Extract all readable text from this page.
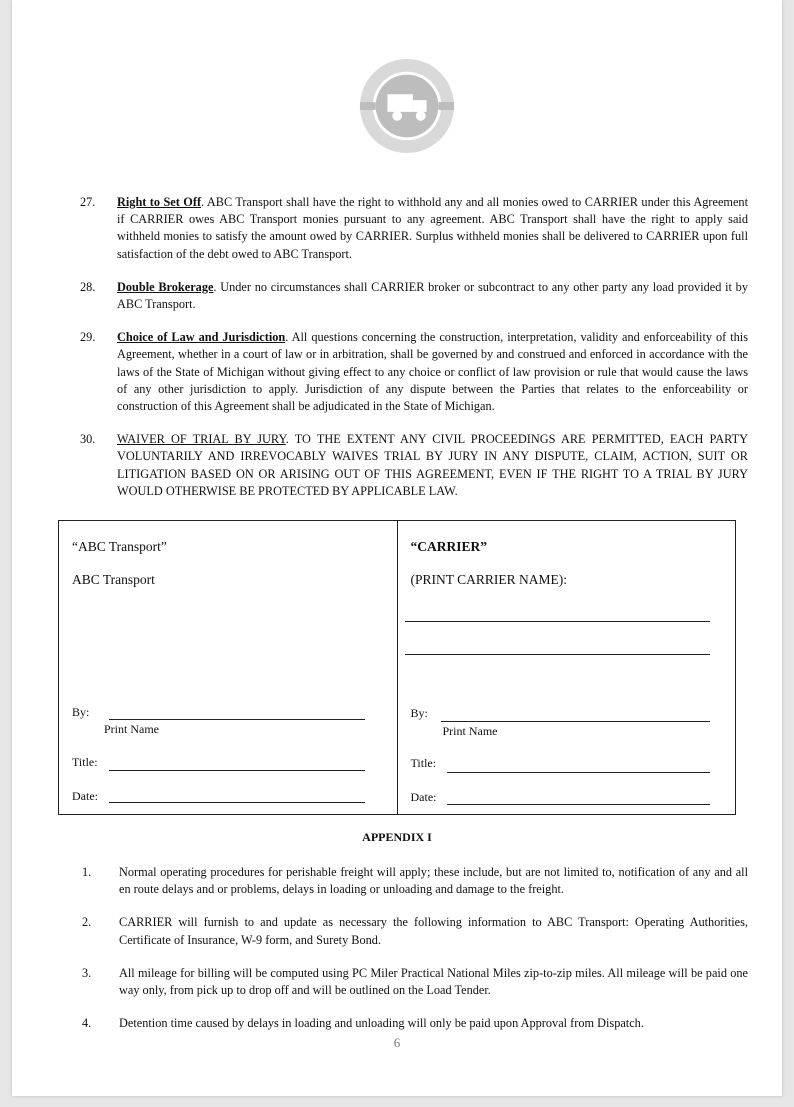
27.	Right to Set Off. ABC Transport shall have the right to withhold any and all monies owed to CARRIER under this Agreement if CARRIER owes ABC Transport monies pursuant to any agreement. ABC Transport shall have the right to apply said withheld monies to satisfy the amount owed by CARRIER. Surplus withheld monies shall be delivered to CARRIER upon full satisfaction of the debt owed to ABC Transport.
28.	Double Brokerage. Under no circumstances shall CARRIER broker or subcontract to any other party any load provided it by ABC Transport.
29.	Choice of Law and Jurisdiction. All questions concerning the construction, interpretation, validity and enforceability of this Agreement, whether in a court of law or in arbitration, shall be governed by and construed and enforced in accordance with the laws of the State of Michigan without giving effect to any choice or conflict of law provision or rule that would cause the laws of any other jurisdiction to apply. Jurisdiction of any dispute between the Parties that relates to the enforceability or construction of this Agreement shall be adjudicated in the State of Michigan.
30.	WAIVER OF TRIAL BY JURY. TO THE EXTENT ANY CIVIL PROCEEDINGS ARE PERMITTED, EACH PARTY VOLUNTARILY AND IRREVOCABLY WAIVES TRIAL BY JURY IN ANY DISPUTE, CLAIM, ACTION, SUIT OR LITIGATION BASED ON OR ARISING OUT OF THIS AGREEMENT, EVEN IF THE RIGHT TO A TRIAL BY JURY WOULD OTHERWISE BE PROTECTED BY APPLICABLE LAW.
“ABC Transport”
ABC Transport
By:
Print Name
Title:
Date:
“CARRIER”
(PRINT CARRIER NAME):
By:
Print Name
Title:
Date:
APPENDIX I
1.	Normal operating procedures for perishable freight will apply; these include, but are not limited to, notification of any and all en route delays and or problems, delays in loading or unloading and damage to the freight.
2.	CARRIER will furnish to and update as necessary the following information to ABC Transport: Operating Authorities, Certificate of Insurance, W-9 form, and Surety Bond.
3.	All mileage for billing will be computed using PC Miler Practical National Miles zip-to-zip miles. All mileage will be paid one way only, from pick up to drop off and will be outlined on the Load Tender.
4.	Detention time caused by delays in loading and unloading will only be paid upon Approval from Dispatch.
6
